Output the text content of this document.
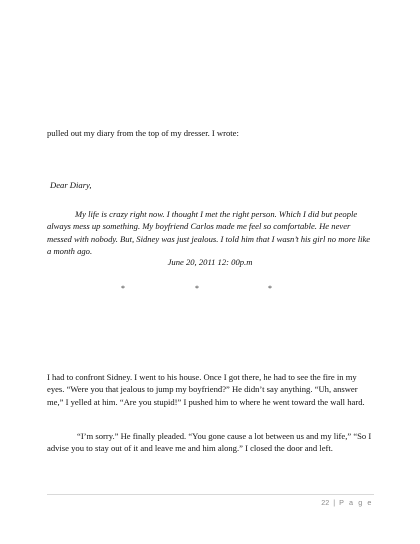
pulled out my diary from the top of my dresser. I wrote:

Dear Diary,

My life is crazy right now. I thought I met the right person. Which I did but people always mess up something. My boyfriend Carlos made me feel so comfortable. He never messed with nobody. But, Sidney was just jealous. I told him that I wasn’t his girl no more like a month ago.

June 20, 2011 12: 00p.m

*	*	*

I had to confront Sidney. I went to his house. Once I got there, he had to see the fire in my eyes. “Were you that jealous to jump my boyfriend?” He didn’t say anything. “Uh, answer me,” I yelled at him. “Are you stupid!” I pushed him to where he went toward the wall hard.

“I’m sorry.” He finally pleaded. “You gone cause a lot between us and my life,” “So I advise you to stay out of it and leave me and him along.” I closed the door and left.

22 | P a g e
